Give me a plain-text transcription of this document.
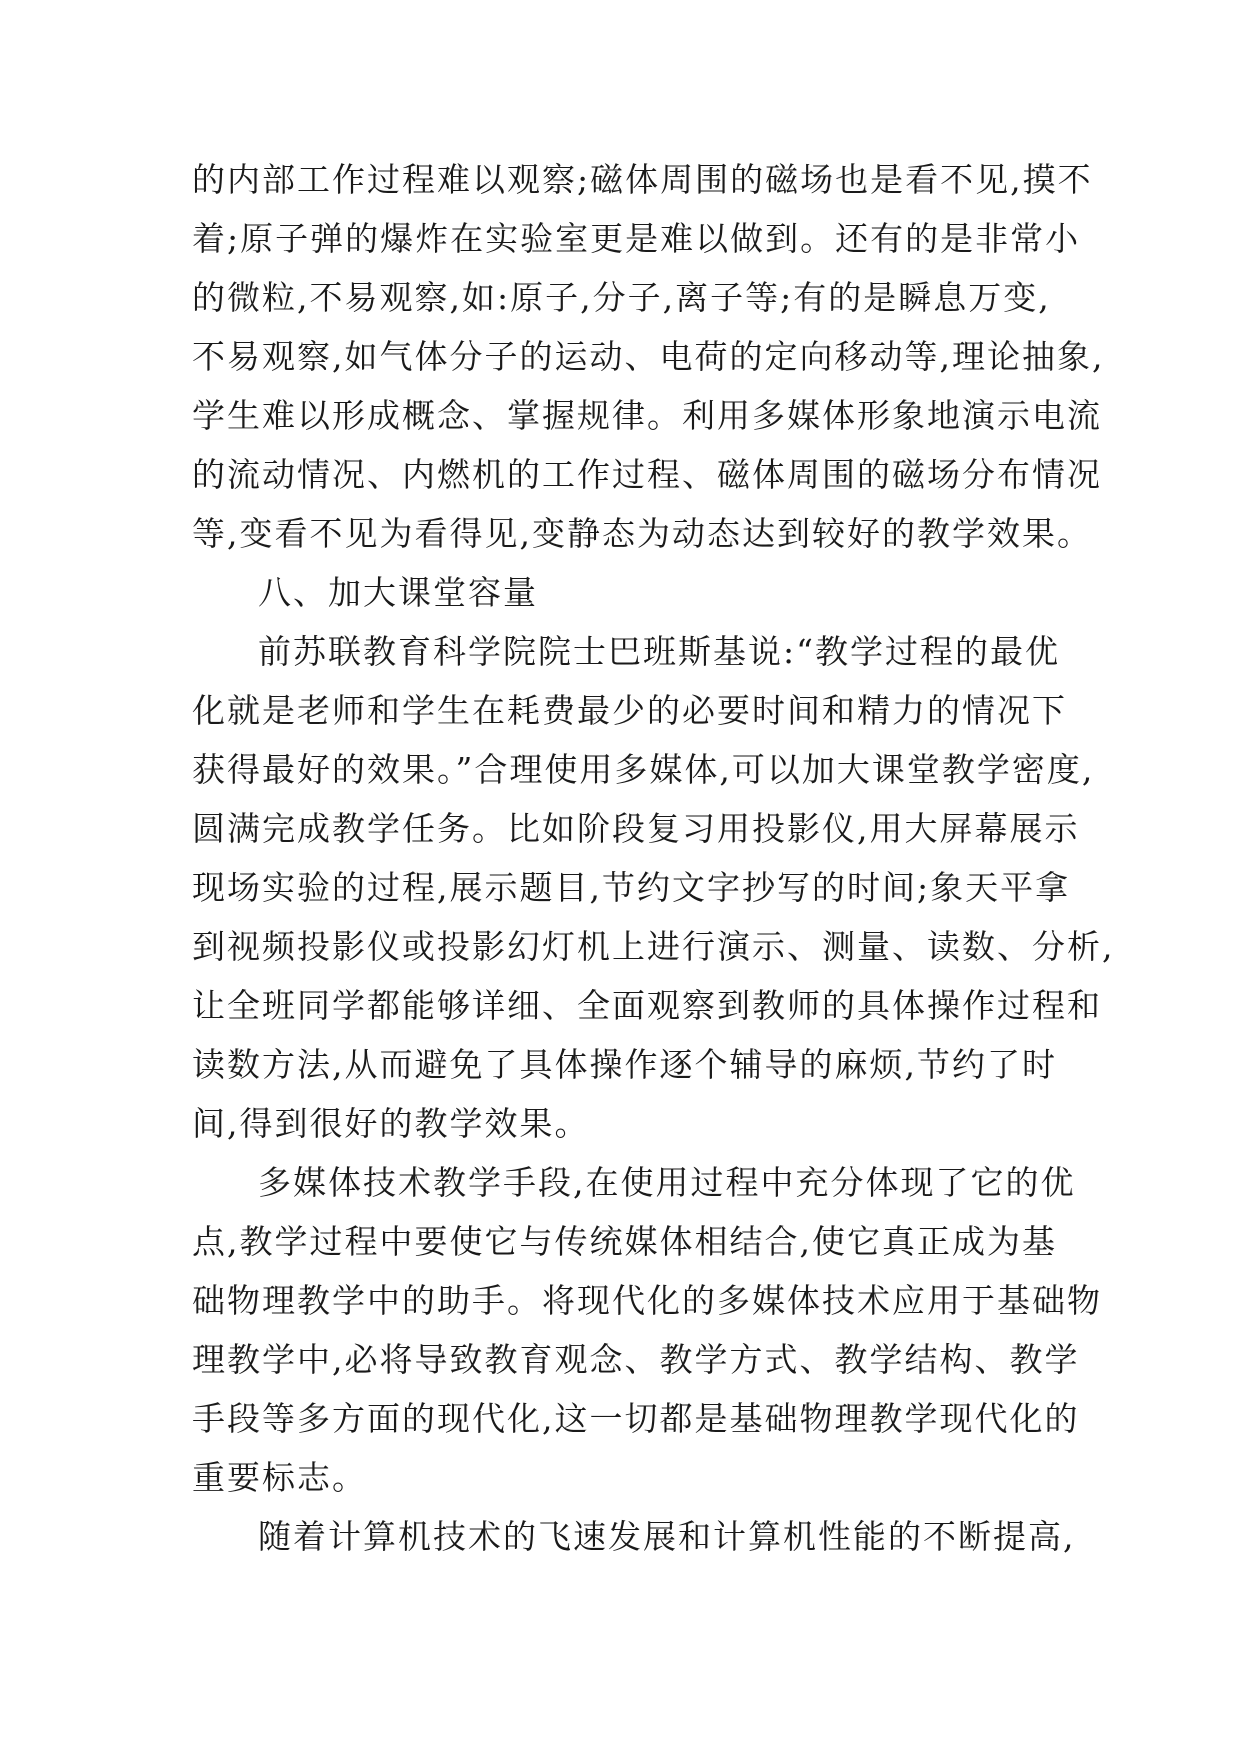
的内部工作过程难以观察;磁体周围的磁场也是看不见,摸不
着;原子弹的爆炸在实验室更是难以做到。还有的是非常小
的微粒,不易观察,如:原子,分子,离子等;有的是瞬息万变,
不易观察,如气体分子的运动、电荷的定向移动等,理论抽象,
学生难以形成概念、掌握规律。利用多媒体形象地演示电流
的流动情况、内燃机的工作过程、磁体周围的磁场分布情况
等,变看不见为看得见,变静态为动态达到较好的教学效果。
八、加大课堂容量
前苏联教育科学院院士巴班斯基说:“教学过程的最优
化就是老师和学生在耗费最少的必要时间和精力的情况下
获得最好的效果。”合理使用多媒体,可以加大课堂教学密度,
圆满完成教学任务。比如阶段复习用投影仪,用大屏幕展示
现场实验的过程,展示题目,节约文字抄写的时间;象天平拿
到视频投影仪或投影幻灯机上进行演示、测量、读数、分析,
让全班同学都能够详细、全面观察到教师的具体操作过程和
读数方法,从而避免了具体操作逐个辅导的麻烦,节约了时
间,得到很好的教学效果。
多媒体技术教学手段,在使用过程中充分体现了它的优
点,教学过程中要使它与传统媒体相结合,使它真正成为基
础物理教学中的助手。将现代化的多媒体技术应用于基础物
理教学中,必将导致教育观念、教学方式、教学结构、教学
手段等多方面的现代化,这一切都是基础物理教学现代化的
重要标志。
随着计算机技术的飞速发展和计算机性能的不断提高,
